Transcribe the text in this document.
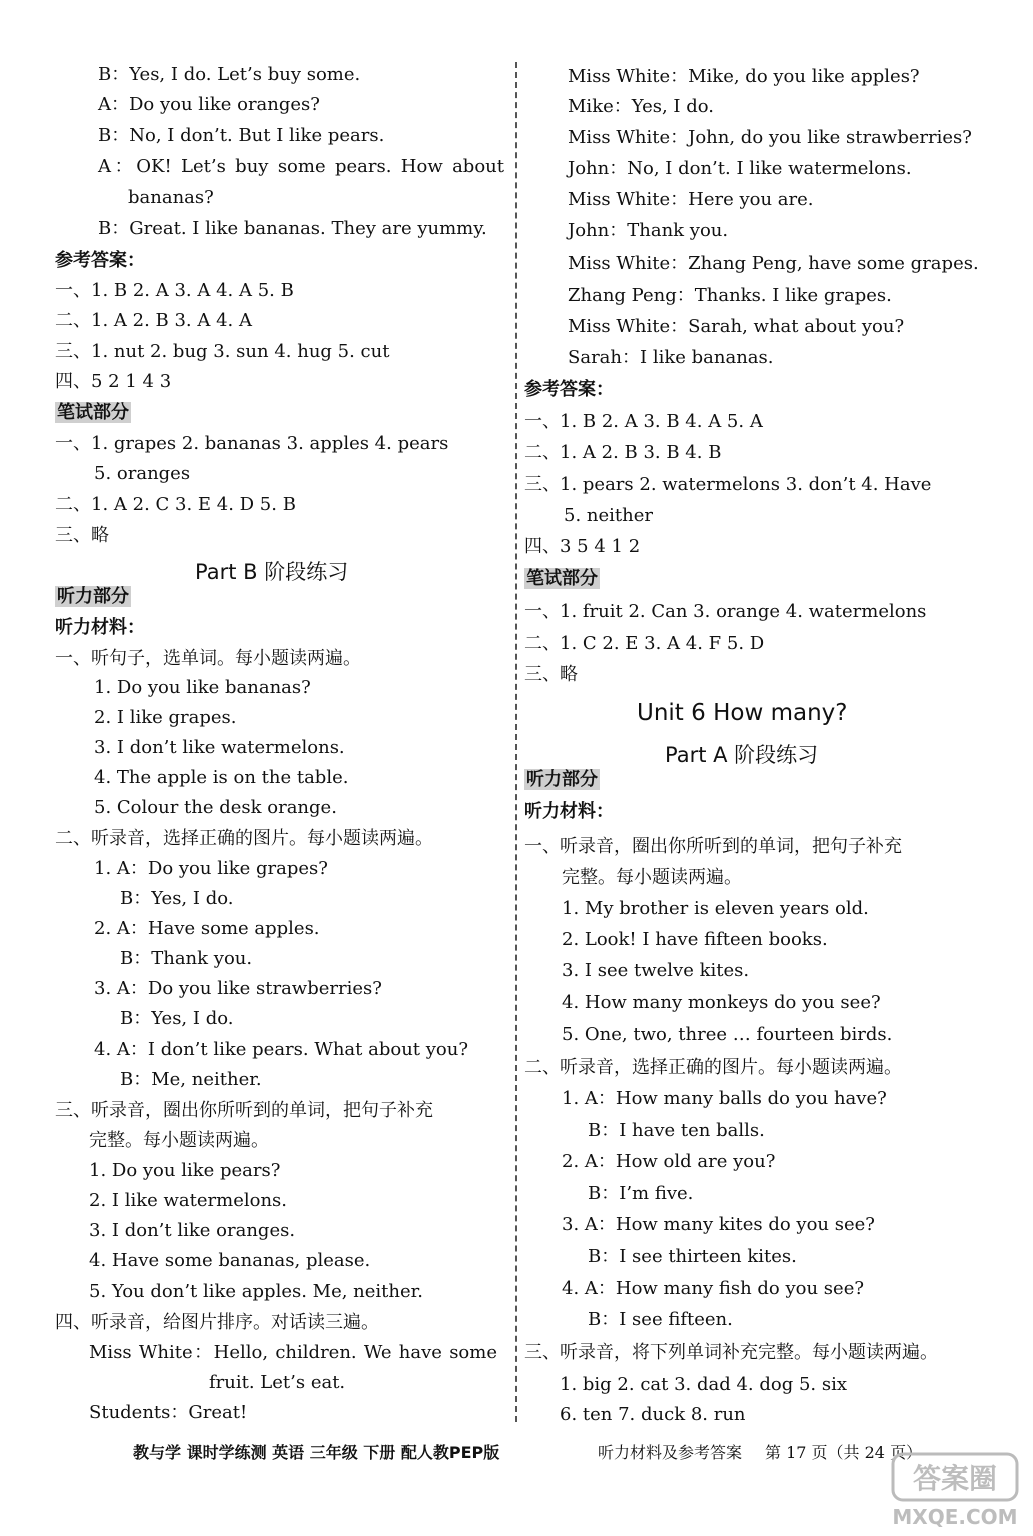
B：Yes, I do. Let’s buy some.
A：Do you like oranges?
B：No, I don’t. But I like pears.
A：OK! Let’s buy some pears. How about
bananas?
B：Great. I like bananas. They are yummy.
参考答案：
一、1. B 2. A 3. A 4. A 5. B
二、1. A 2. B 3. A 4. A
三、1. nut 2. bug 3. sun 4. hug 5. cut
四、5 2 1 4 3
笔试部分
一、1. grapes 2. bananas 3. apples 4. pears
5. oranges
二、1. A 2. C 3. E 4. D 5. B
三、略
Part B 阶段练习
听力部分
听力材料：
一、听句子，选单词。每小题读两遍。
1. Do you like bananas?
2. I like grapes.
3. I don’t like watermelons.
4. The apple is on the table.
5. Colour the desk orange.
二、听录音，选择正确的图片。每小题读两遍。
1. A：Do you like grapes?
B：Yes, I do.
2. A：Have some apples.
B：Thank you.
3. A：Do you like strawberries?
B：Yes, I do.
4. A：I don’t like pears. What about you?
B：Me, neither.
三、听录音，圈出你所听到的单词，把句子补充
完整。每小题读两遍。
1. Do you like pears?
2. I like watermelons.
3. I don’t like oranges.
4. Have some bananas, please.
5. You don’t like apples. Me, neither.
四、听录音，给图片排序。对话读三遍。
Miss White：Hello, children. We have some
fruit. Let’s eat.
Students：Great!
Miss White：Mike, do you like apples?
Mike：Yes, I do.
Miss White：John, do you like strawberries?
John：No, I don’t. I like watermelons.
Miss White：Here you are.
John：Thank you.
Miss White：Zhang Peng, have some grapes.
Zhang Peng：Thanks. I like grapes.
Miss White：Sarah, what about you?
Sarah：I like bananas.
参考答案：
一、1. B 2. A 3. B 4. A 5. A
二、1. A 2. B 3. B 4. B
三、1. pears 2. watermelons 3. don’t 4. Have
5. neither
四、3 5 4 1 2
笔试部分
一、1. fruit 2. Can 3. orange 4. watermelons
二、1. C 2. E 3. A 4. F 5. D
三、略
Unit 6 How many?
Part A 阶段练习
听力部分
听力材料：
一、听录音，圈出你所听到的单词，把句子补充
完整。每小题读两遍。
1. My brother is eleven years old.
2. Look! I have fifteen books.
3. I see twelve kites.
4. How many monkeys do you see?
5. One, two, three … fourteen birds.
二、听录音，选择正确的图片。每小题读两遍。
1. A：How many balls do you have?
B：I have ten balls.
2. A：How old are you?
B：I’m five.
3. A：How many kites do you see?
B：I see thirteen kites.
4. A：How many fish do you see?
B：I see fifteen.
三、听录音，将下列单词补充完整。每小题读两遍。
1. big 2. cat 3. dad 4. dog 5. six
6. ten 7. duck 8. run
教与学 课时学练测 英语 三年级 下册 配人教PEP版	听力材料及参考答案 第 17 页（共 24 页）
答案圈
MXQE.COM
